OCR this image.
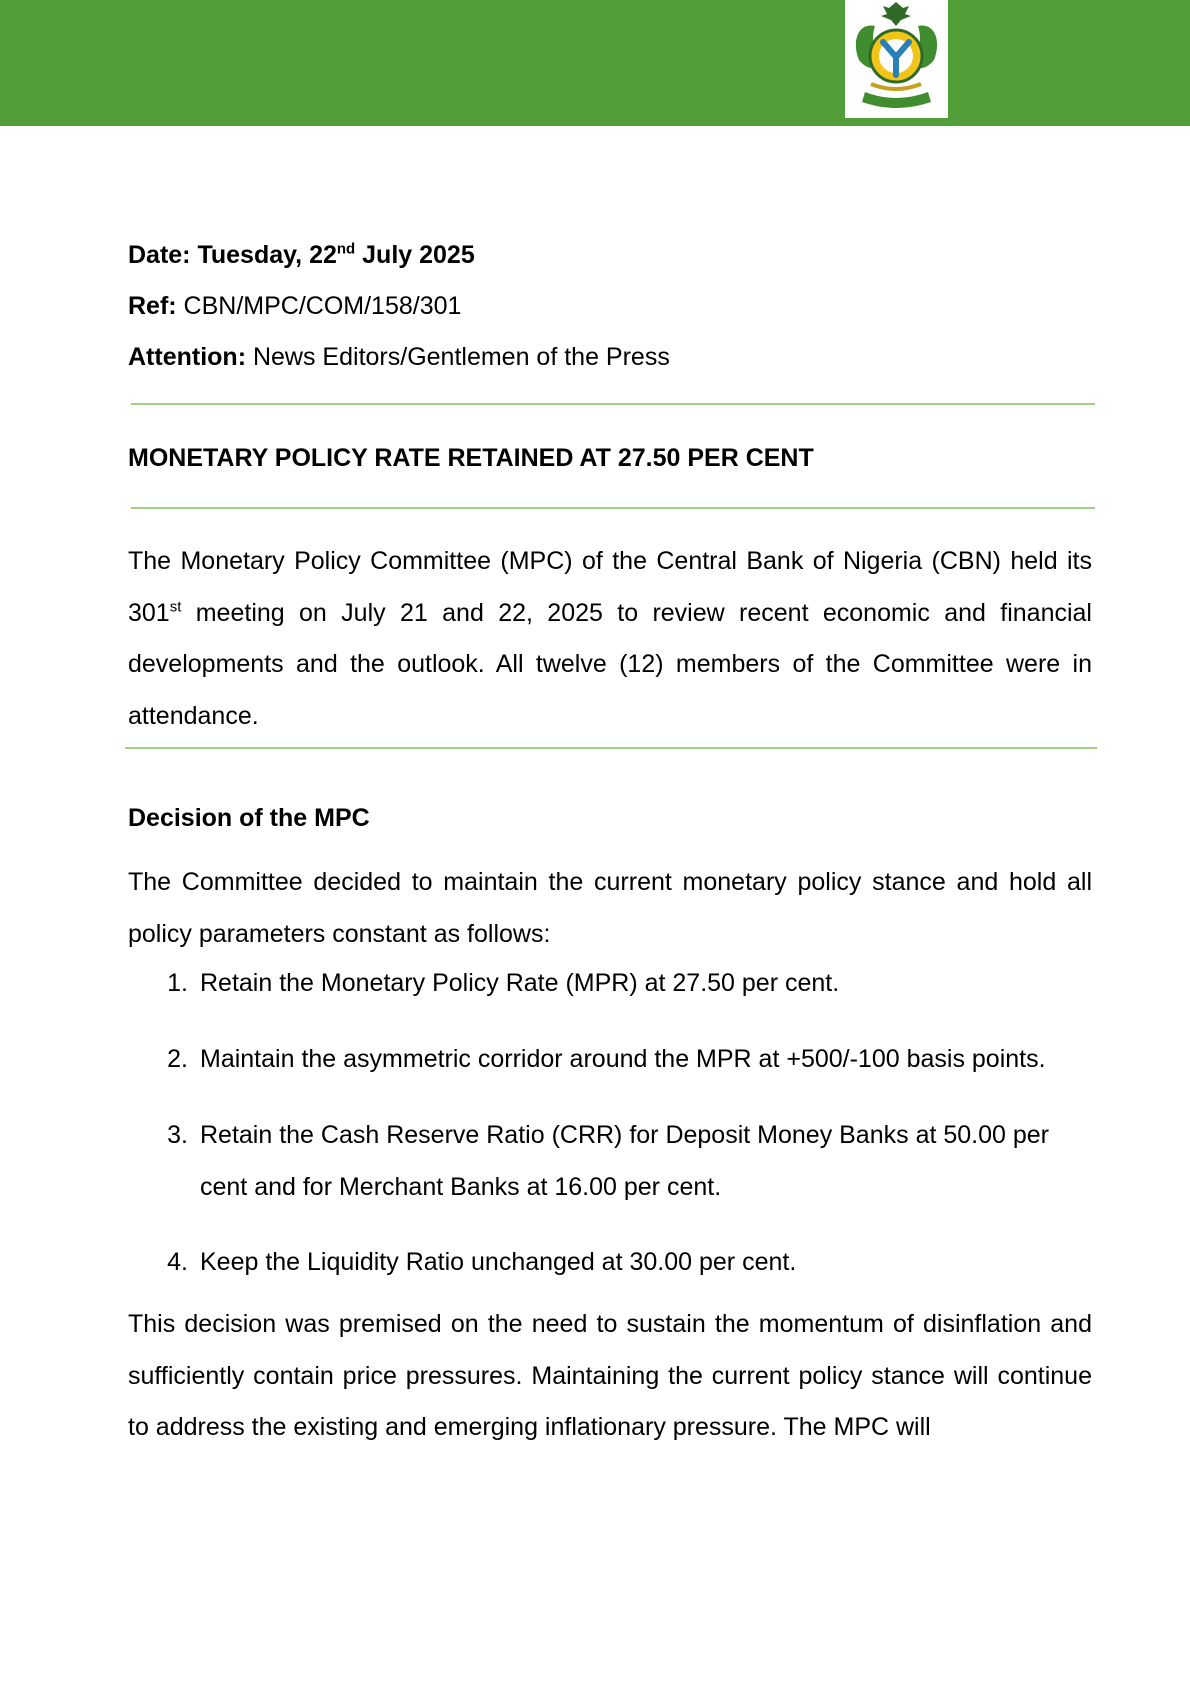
Date: Tuesday, 22nd July 2025
Ref: CBN/MPC/COM/158/301
Attention: News Editors/Gentlemen of the Press
MONETARY POLICY RATE RETAINED AT 27.50 PER CENT
The Monetary Policy Committee (MPC) of the Central Bank of Nigeria (CBN) held its 301st meeting on July 21 and 22, 2025 to review recent economic and financial developments and the outlook. All twelve (12) members of the Committee were in attendance.
Decision of the MPC
The Committee decided to maintain the current monetary policy stance and hold all policy parameters constant as follows:
1. Retain the Monetary Policy Rate (MPR) at 27.50 per cent.
2. Maintain the asymmetric corridor around the MPR at +500/-100 basis points.
3. Retain the Cash Reserve Ratio (CRR) for Deposit Money Banks at 50.00 per cent and for Merchant Banks at 16.00 per cent.
4. Keep the Liquidity Ratio unchanged at 30.00 per cent.
This decision was premised on the need to sustain the momentum of disinflation and sufficiently contain price pressures. Maintaining the current policy stance will continue to address the existing and emerging inflationary pressure. The MPC will
